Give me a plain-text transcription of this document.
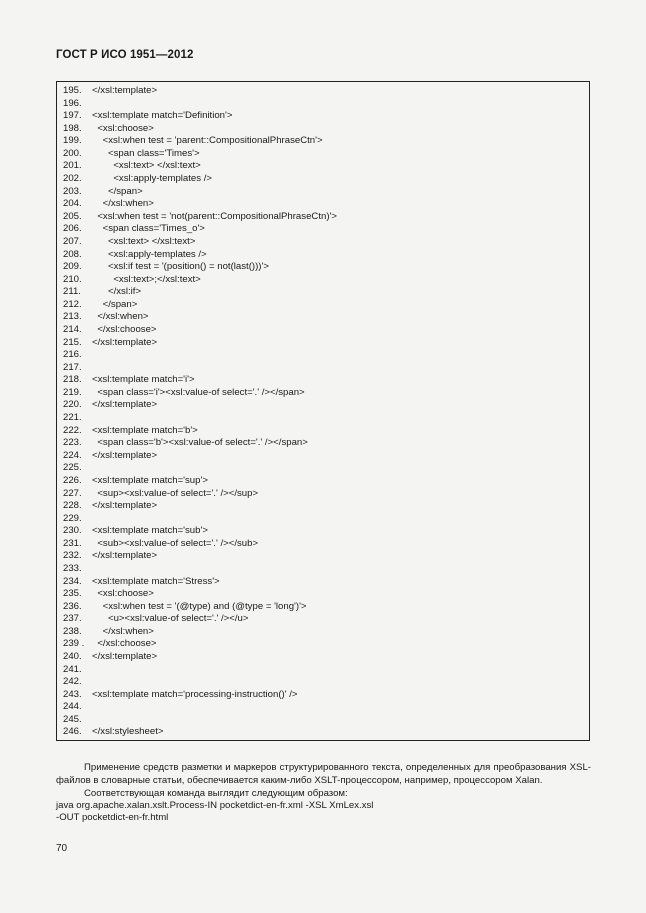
ГОСТ Р ИСО 1951—2012
195. </xsl:template>
196.
197. <xsl:template match='Definition'>
198.  <xsl:choose>
199.    <xsl:when test = 'parent::CompositionalPhraseCtn'>
200.      <span class='Times'>
201.        <xsl:text> </xsl:text>
202.        <xsl:apply-templates />
203.      </span>
204.    </xsl:when>
205.  <xsl:when test = 'not(parent::CompositionalPhraseCtn)'>
206.    <span class='Times_o'>
207.      <xsl:text> </xsl:text>
208.      <xsl:apply-templates />
209.      <xsl:if test = '(position() = not(last()))'>
210.        <xsl:text>;</xsl:text>
211.      </xsl:if>
212.    </span>
213.  </xsl:when>
214.  </xsl:choose>
215. </xsl:template>
216.
217.
218. <xsl:template match='i'>
219.  <span class='i'><xsl:value-of select='.' /></span>
220. </xsl:template>
221.
222. <xsl:template match='b'>
223.  <span class='b'><xsl:value-of select='.' /></span>
224. </xsl:template>
225.
226. <xsl:template match='sup'>
227.  <sup><xsl:value-of select='.' /></sup>
228. </xsl:template>
229.
230. <xsl:template match='sub'>
231.  <sub><xsl:value-of select='.' /></sub>
232. </xsl:template>
233.
234. <xsl:template match='Stress'>
235.  <xsl:choose>
236.    <xsl:when test = '(@type) and (@type = 'long')'>
237.      <u><xsl:value-of select='.' /></u>
238.    </xsl:when>
239 .  </xsl:choose>
240. </xsl:template>
241.
242.
243. <xsl:template match='processing-instruction()' />
244.
245.
246. </xsl:stylesheet>
Применение средств разметки и маркеров структурированного текста, определенных для преобразования XSL-файлов в словарные статьи, обеспечивается каким-либо XSLT-процессором, например, процессором Xalan.
Соответствующая команда выглядит следующим образом:
java org.apache.xalan.xslt.Process-IN pocketdict-en-fr.xml -XSL XmLex.xsl
-OUT pocketdict-en-fr.html
70
